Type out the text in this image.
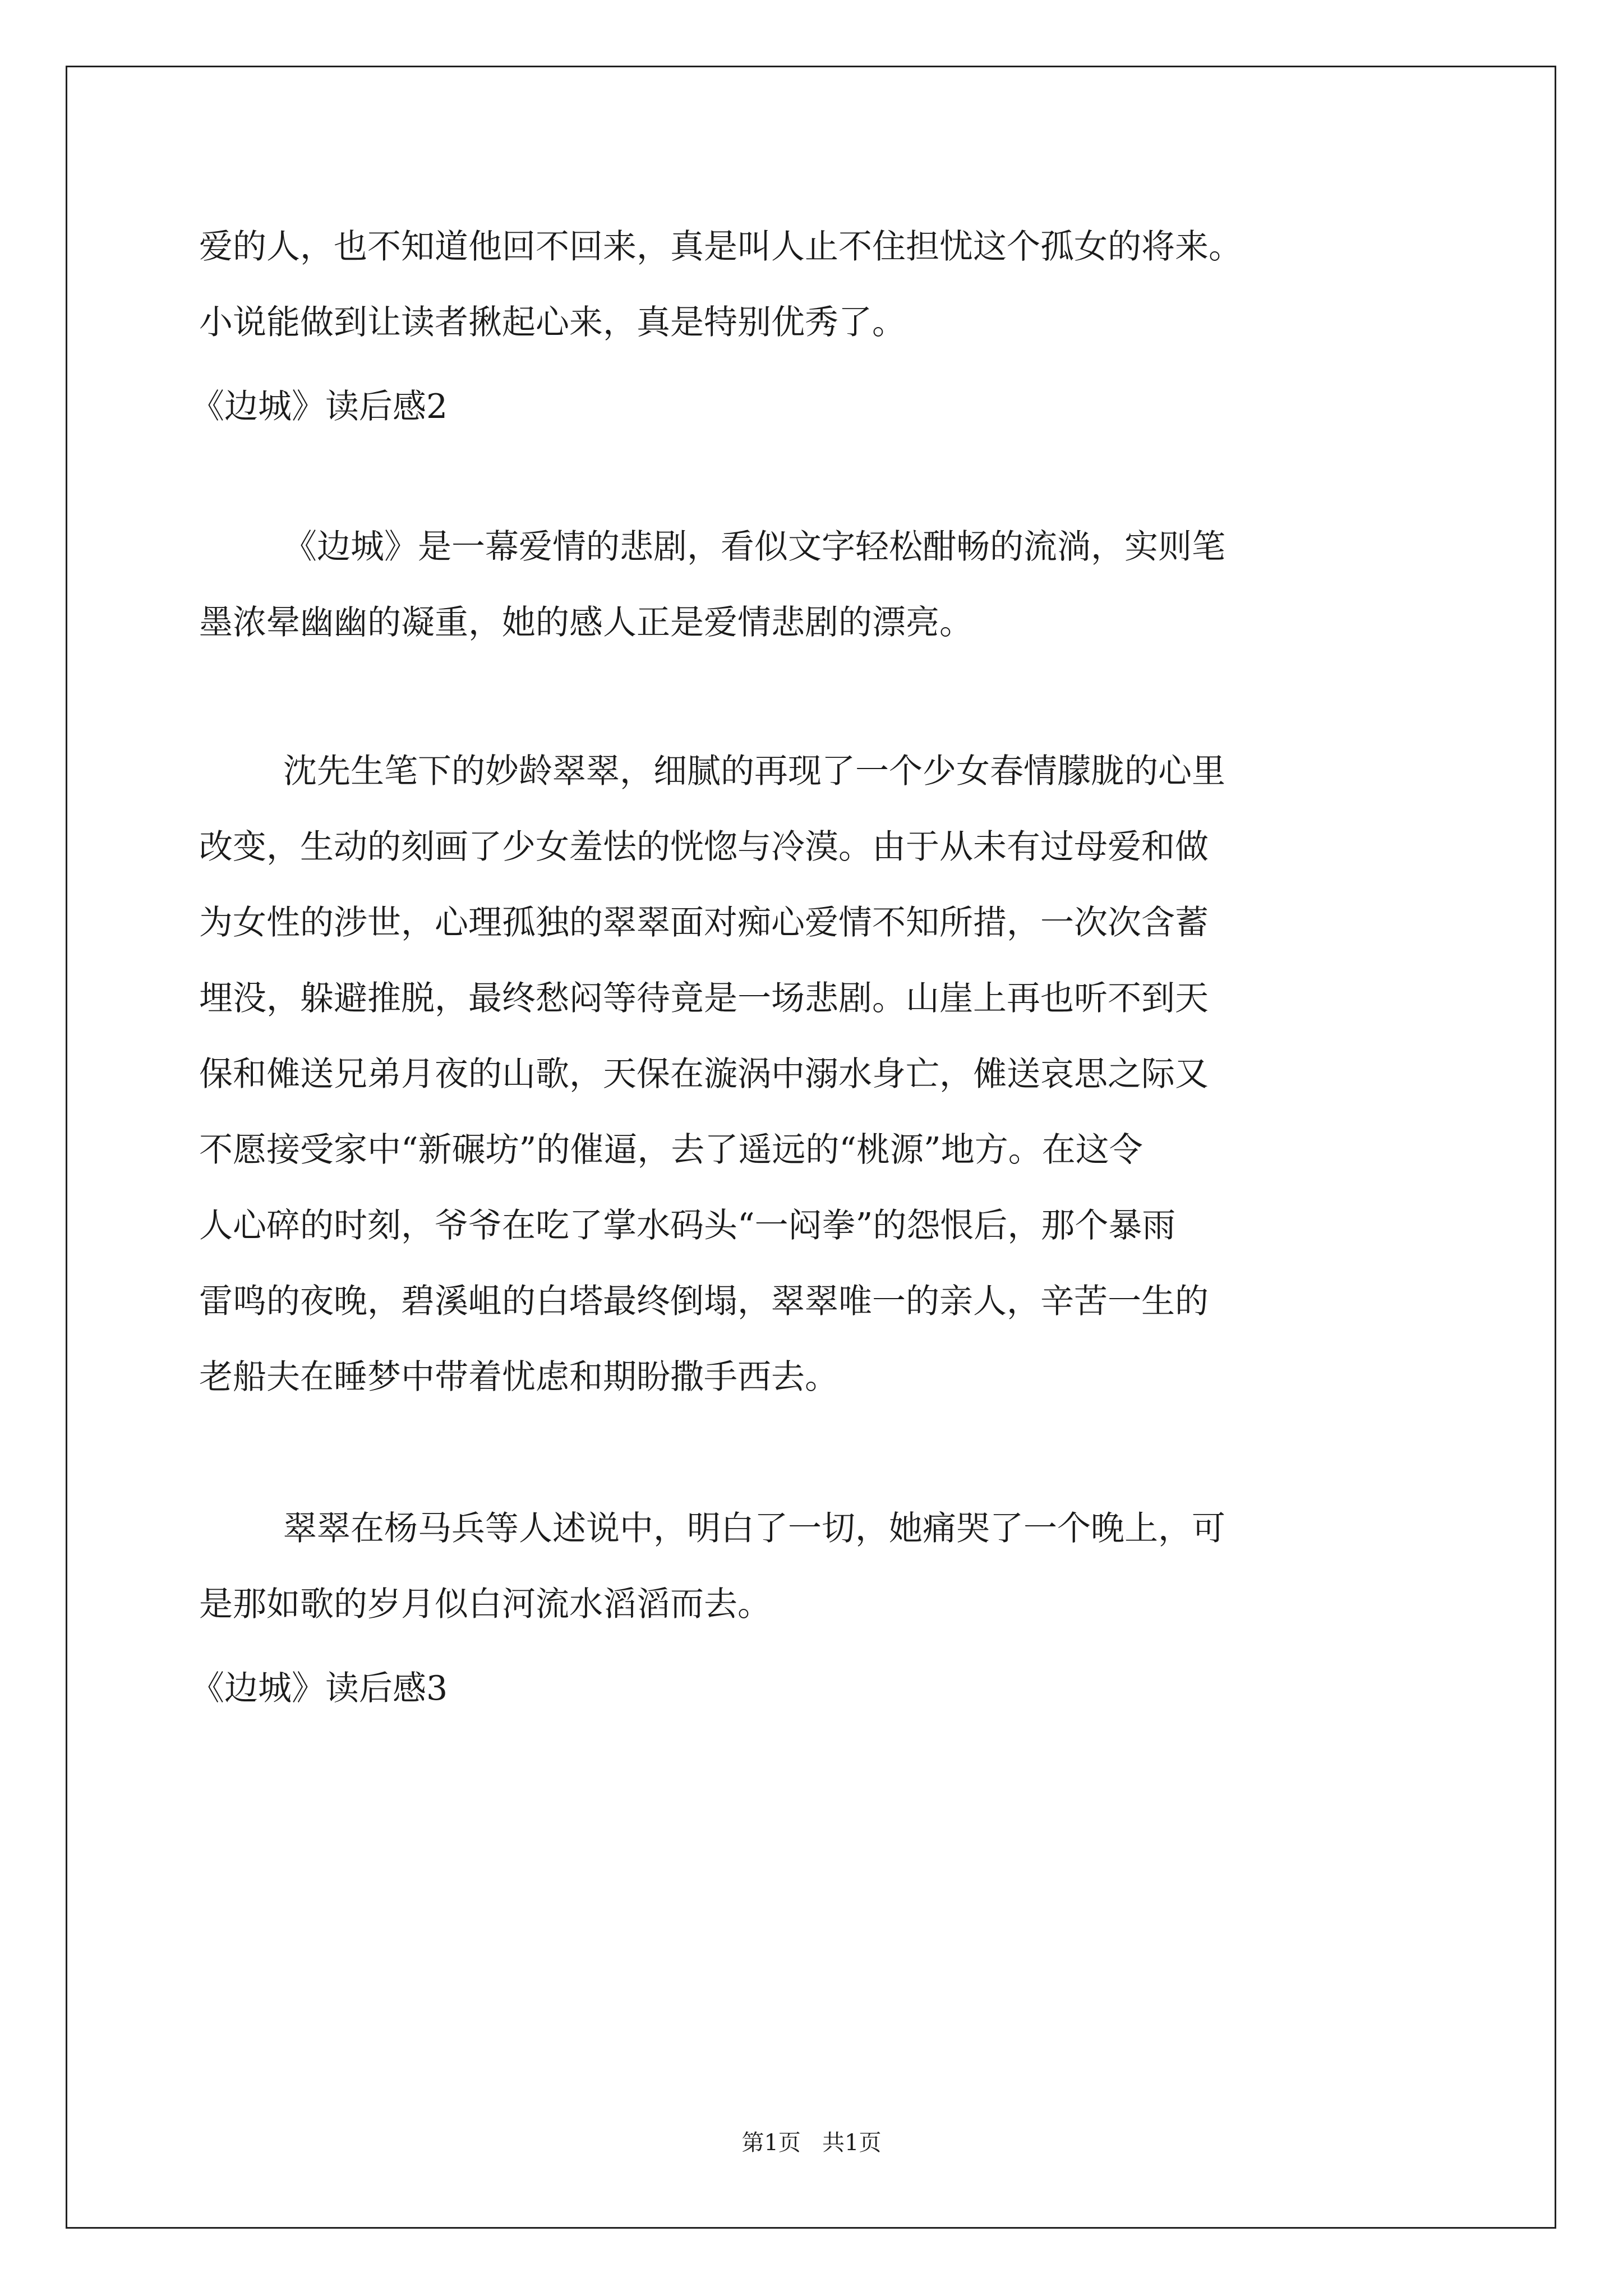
爱的人，也不知道他回不回来，真是叫人止不住担忧这个孤女的将来。

小说能做到让读者揪起心来，真是特别优秀了。

《边城》读后感2

《边城》是一幕爱情的悲剧，看似文字轻松酣畅的流淌，实则笔

墨浓晕幽幽的凝重，她的感人正是爱情悲剧的漂亮。

沈先生笔下的妙龄翠翠，细腻的再现了一个少女春情朦胧的心里

改变，生动的刻画了少女羞怯的恍惚与冷漠。由于从未有过母爱和做

为女性的涉世，心理孤独的翠翠面对痴心爱情不知所措，一次次含蓄

埋没，躲避推脱，最终愁闷等待竟是一场悲剧。山崖上再也听不到天

保和傩送兄弟月夜的山歌，天保在漩涡中溺水身亡，傩送哀思之际又

不愿接受家中“新碾坊”的催逼，去了遥远的“桃源”地方。在这令

人心碎的时刻，爷爷在吃了掌水码头“一闷拳”的怨恨后，那个暴雨

雷鸣的夜晚，碧溪岨的白塔最终倒塌，翠翠唯一的亲人，辛苦一生的

老船夫在睡梦中带着忧虑和期盼撒手西去。

翠翠在杨马兵等人述说中，明白了一切，她痛哭了一个晚上，可

是那如歌的岁月似白河流水滔滔而去。

《边城》读后感3
第1页   共1页
